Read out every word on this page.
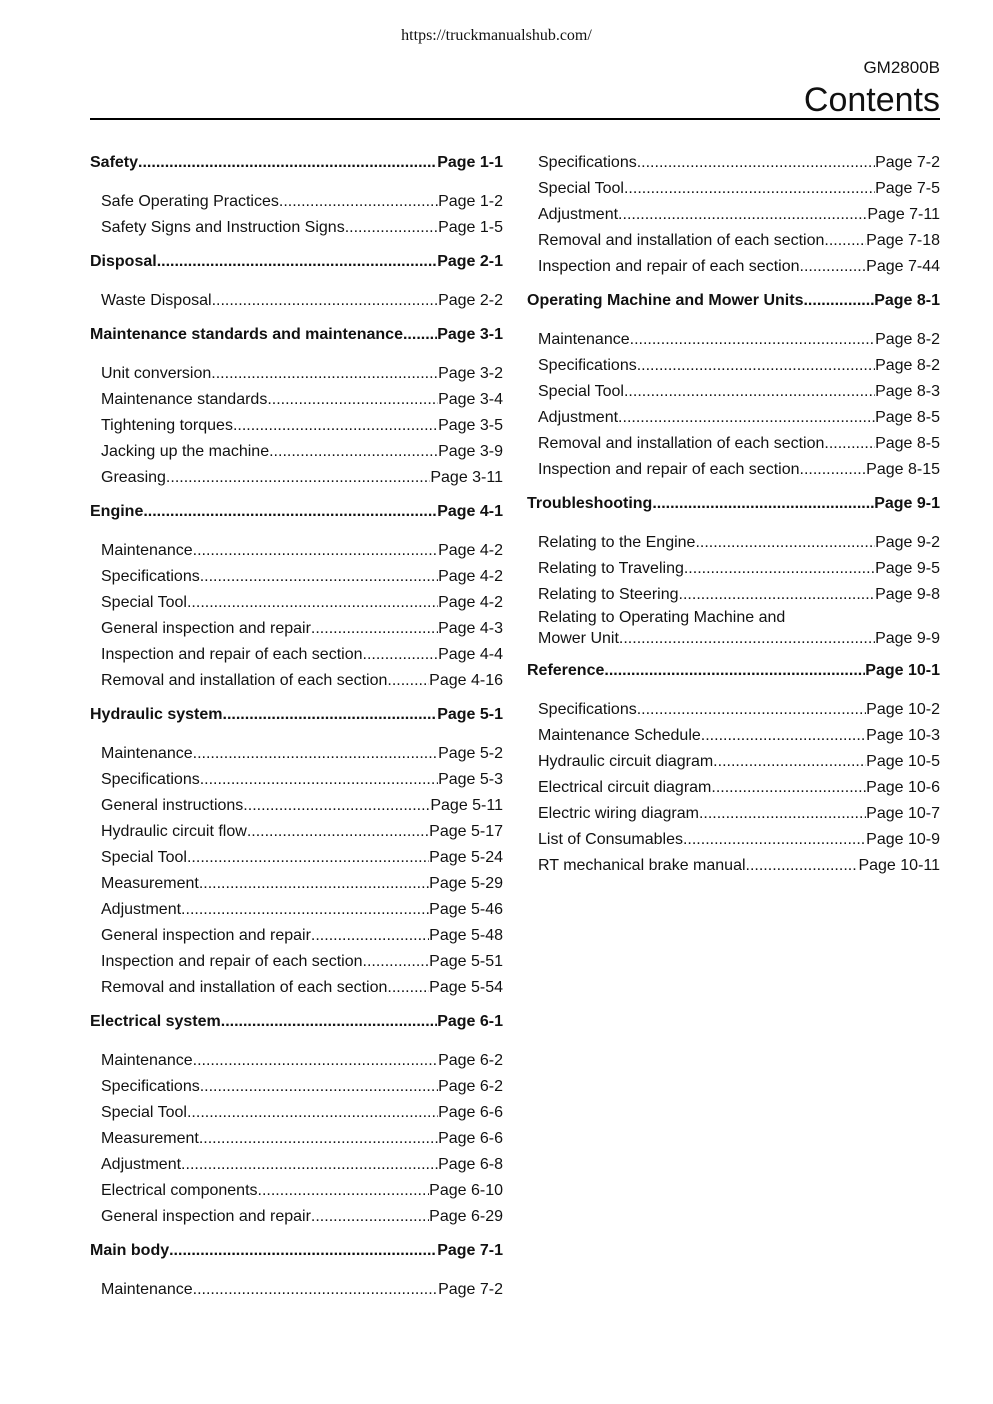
https://truckmanualshub.com/
GM2800B
Contents
Safety .....	Page 1-1
Safe Operating Practices .....	Page 1-2
Safety Signs and Instruction Signs .....	Page 1-5
Disposal .....	Page 2-1
Waste Disposal .....	Page 2-2
Maintenance standards and maintenance ..... Page 3-1
Unit conversion .....	Page 3-2
Maintenance standards .....	Page 3-4
Tightening torques .....	Page 3-5
Jacking up the machine .....	Page 3-9
Greasing .....	Page 3-11
Engine .....	Page 4-1
Maintenance .....	Page 4-2
Specifications .....	Page 4-2
Special Tool .....	Page 4-2
General inspection and repair .....	Page 4-3
Inspection and repair of each section .....	Page 4-4
Removal and installation of each section .....	Page 4-16
Hydraulic system .....	Page 5-1
Maintenance .....	Page 5-2
Specifications .....	Page 5-3
General instructions .....	Page 5-11
Hydraulic circuit flow .....	Page 5-17
Special Tool .....	Page 5-24
Measurement .....	Page 5-29
Adjustment .....	Page 5-46
General inspection and repair .....	Page 5-48
Inspection and repair of each section .....	Page 5-51
Removal and installation of each section .....	Page 5-54
Electrical system .....	Page 6-1
Maintenance .....	Page 6-2
Specifications .....	Page 6-2
Special Tool .....	Page 6-6
Measurement .....	Page 6-6
Adjustment .....	Page 6-8
Electrical components .....	Page 6-10
General inspection and repair .....	Page 6-29
Main body .....	Page 7-1
Maintenance .....	Page 7-2
Specifications .....	Page 7-2
Special Tool .....	Page 7-5
Adjustment .....	Page 7-11
Removal and installation of each section .....	Page 7-18
Inspection and repair of each section .....	Page 7-44
Operating Machine and Mower Units .....	Page 8-1
Maintenance .....	Page 8-2
Specifications .....	Page 8-2
Special Tool .....	Page 8-3
Adjustment .....	Page 8-5
Removal and installation of each section .....	Page 8-5
Inspection and repair of each section .....	Page 8-15
Troubleshooting .....	Page 9-1
Relating to the Engine .....	Page 9-2
Relating to Traveling .....	Page 9-5
Relating to Steering .....	Page 9-8
Relating to Operating Machine and
Mower Unit .....	Page 9-9
Reference .....	Page 10-1
Specifications .....	Page 10-2
Maintenance Schedule .....	Page 10-3
Hydraulic circuit diagram .....	Page 10-5
Electrical circuit diagram .....	Page 10-6
Electric wiring diagram .....	Page 10-7
List of Consumables .....	Page 10-9
RT mechanical brake manual .....	Page 10-11
